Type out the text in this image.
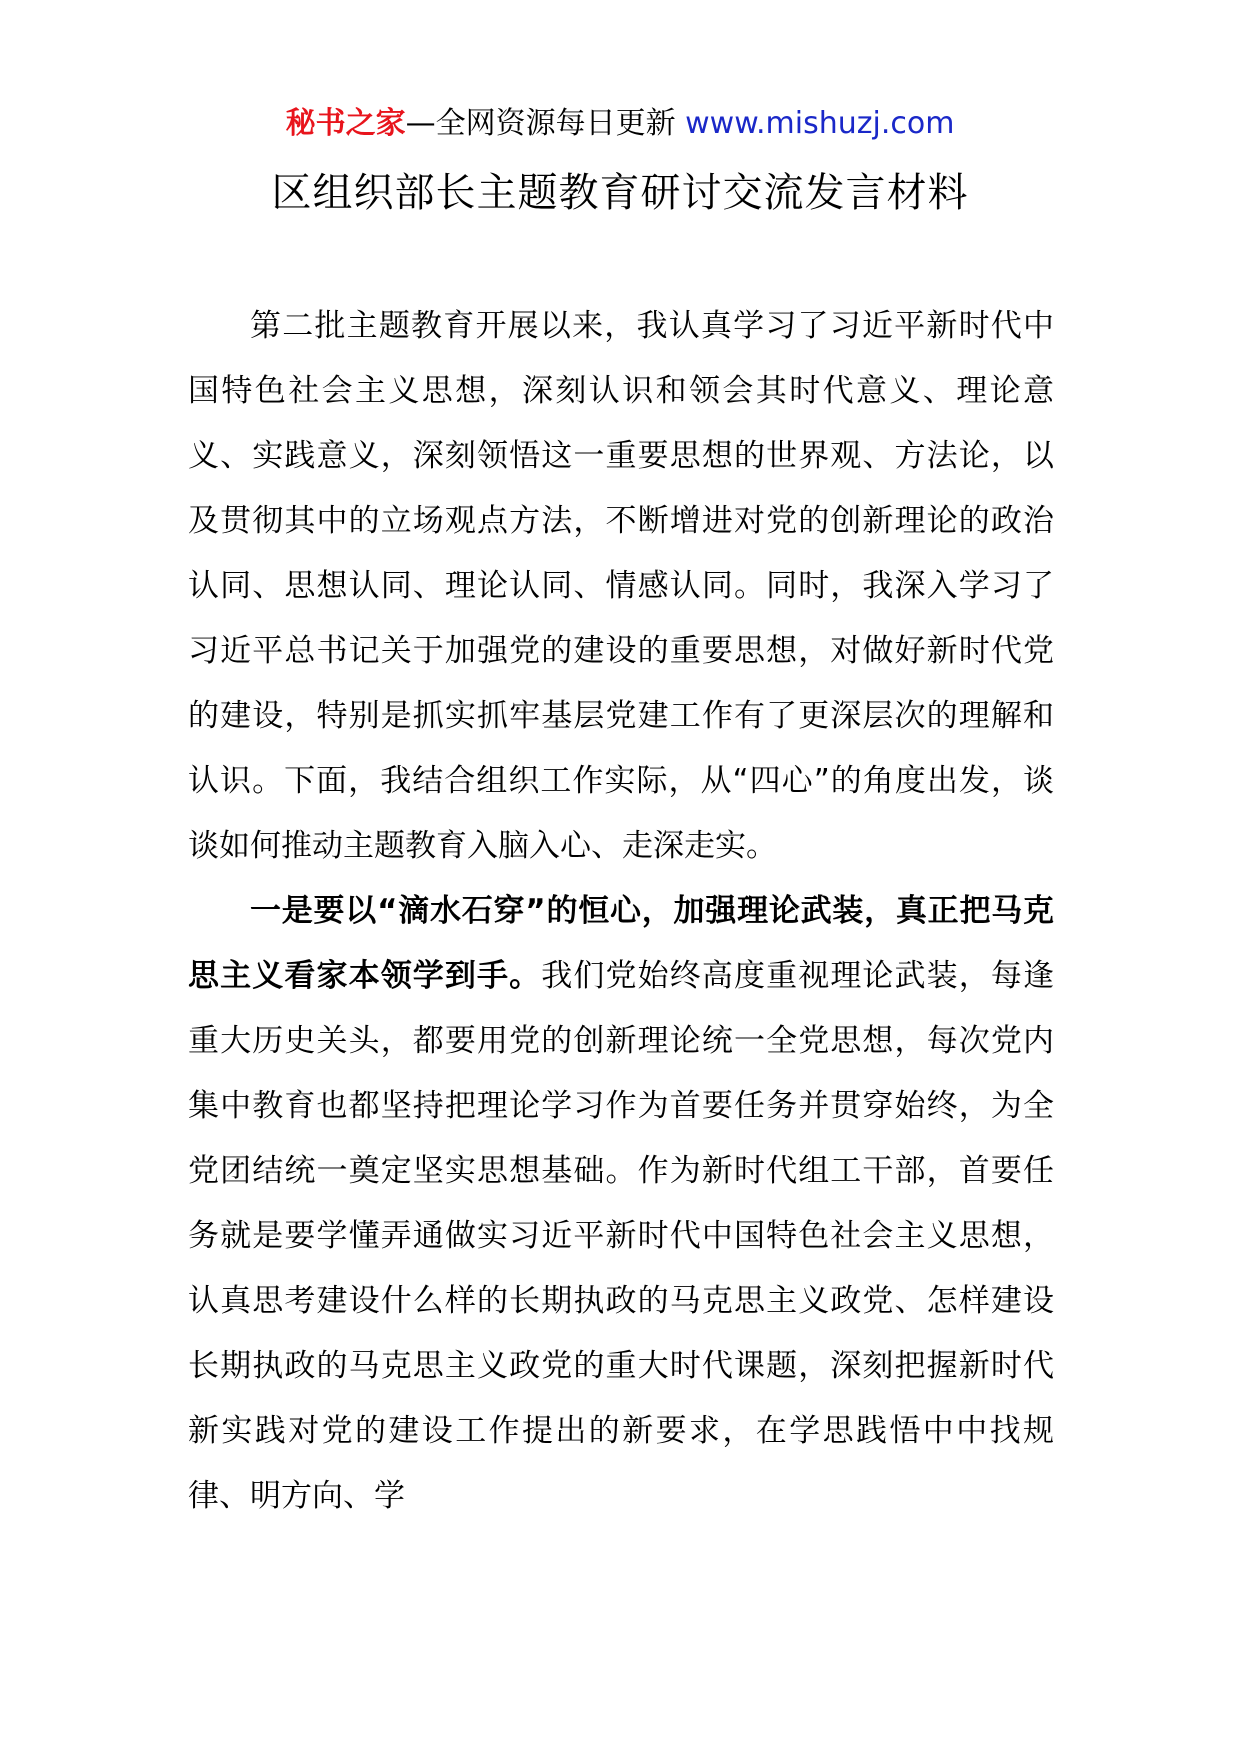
秘书之家—全网资源每日更新 www.mishuzj.com
区组织部长主题教育研讨交流发言材料

第二批主题教育开展以来，我认真学习了习近平新时代中国特色社会主义思想，深刻认识和领会其时代意义、理论意义、实践意义，深刻领悟这一重要思想的世界观、方法论，以及贯彻其中的立场观点方法，不断增进对党的创新理论的政治认同、思想认同、理论认同、情感认同。同时，我深入学习了习近平总书记关于加强党的建设的重要思想，对做好新时代党的建设，特别是抓实抓牢基层党建工作有了更深层次的理解和认识。下面，我结合组织工作实际，从“四心”的角度出发，谈谈如何推动主题教育入脑入心、走深走实。

一是要以“滴水石穿”的恒心，加强理论武装，真正把马克思主义看家本领学到手。我们党始终高度重视理论武装，每逢重大历史关头，都要用党的创新理论统一全党思想，每次党内集中教育也都坚持把理论学习作为首要任务并贯穿始终，为全党团结统一奠定坚实思想基础。作为新时代组工干部，首要任务就是要学懂弄通做实习近平新时代中国特色社会主义思想，认真思考建设什么样的长期执政的马克思主义政党、怎样建设长期执政的马克思主义政党的重大时代课题，深刻把握新时代新实践对党的建设工作提出的新要求，在学思践悟中中找规律、明方向、学
